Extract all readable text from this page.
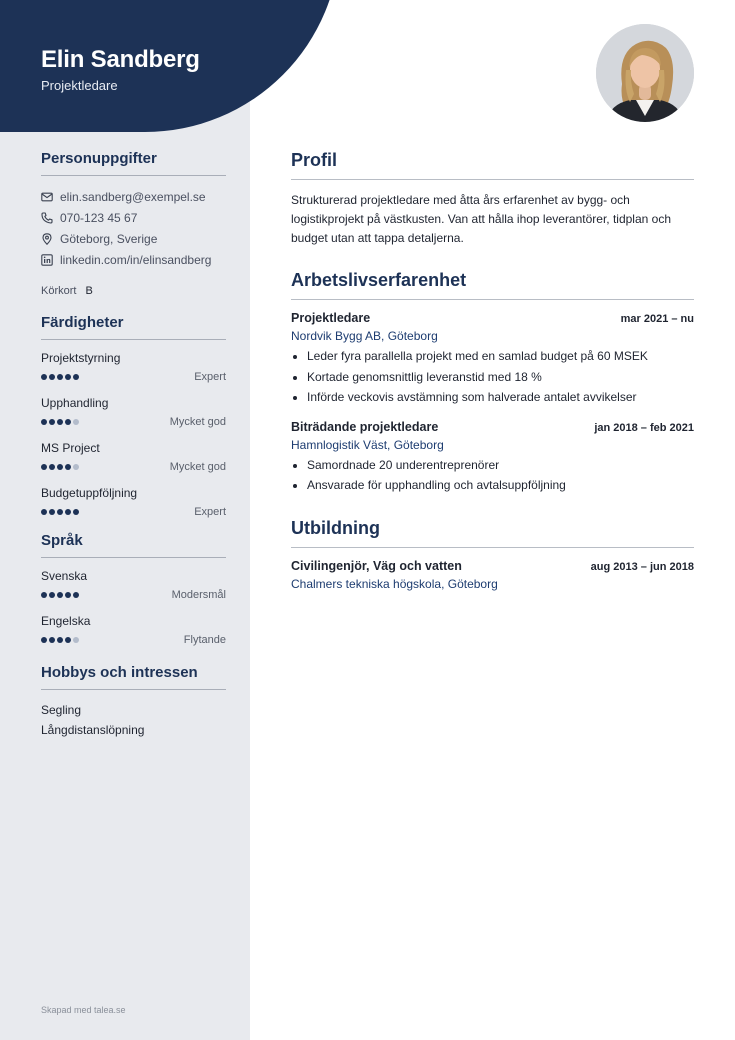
Elin Sandberg
Projektledare
Personuppgifter
elin.sandberg@exempel.se
070-123 45 67
Göteborg, Sverige
linkedin.com/in/elinsandberg
Körkort B
Färdigheter
Projektstyrning
Expert
Upphandling
Mycket god
MS Project
Mycket god
Budgetuppföljning
Expert
Språk
Svenska
Modersmål
Engelska
Flytande
Hobbys och intressen
Segling
Långdistanslöpning
Skapad med talea.se
Profil

Strukturerad projektledare med åtta års erfarenhet av bygg- och logistikprojekt på västkusten. Van att hålla ihop leverantörer, tidplan och budget utan att tappa detaljerna.

Arbetslivserfarenhet
Projektledare	mar 2021 – nu
Nordvik Bygg AB, Göteborg
• Leder fyra parallella projekt med en samlad budget på 60 MSEK
• Kortade genomsnittlig leveranstid med 18 %
• Införde veckovis avstämning som halverade antalet avvikelser
Biträdande projektledare	jan 2018 – feb 2021
Hamnlogistik Väst, Göteborg
• Samordnade 20 underentreprenörer
• Ansvarade för upphandling och avtalsuppföljning
Utbildning
Civilingenjör, Väg och vatten	aug 2013 – jun 2018
Chalmers tekniska högskola, Göteborg
